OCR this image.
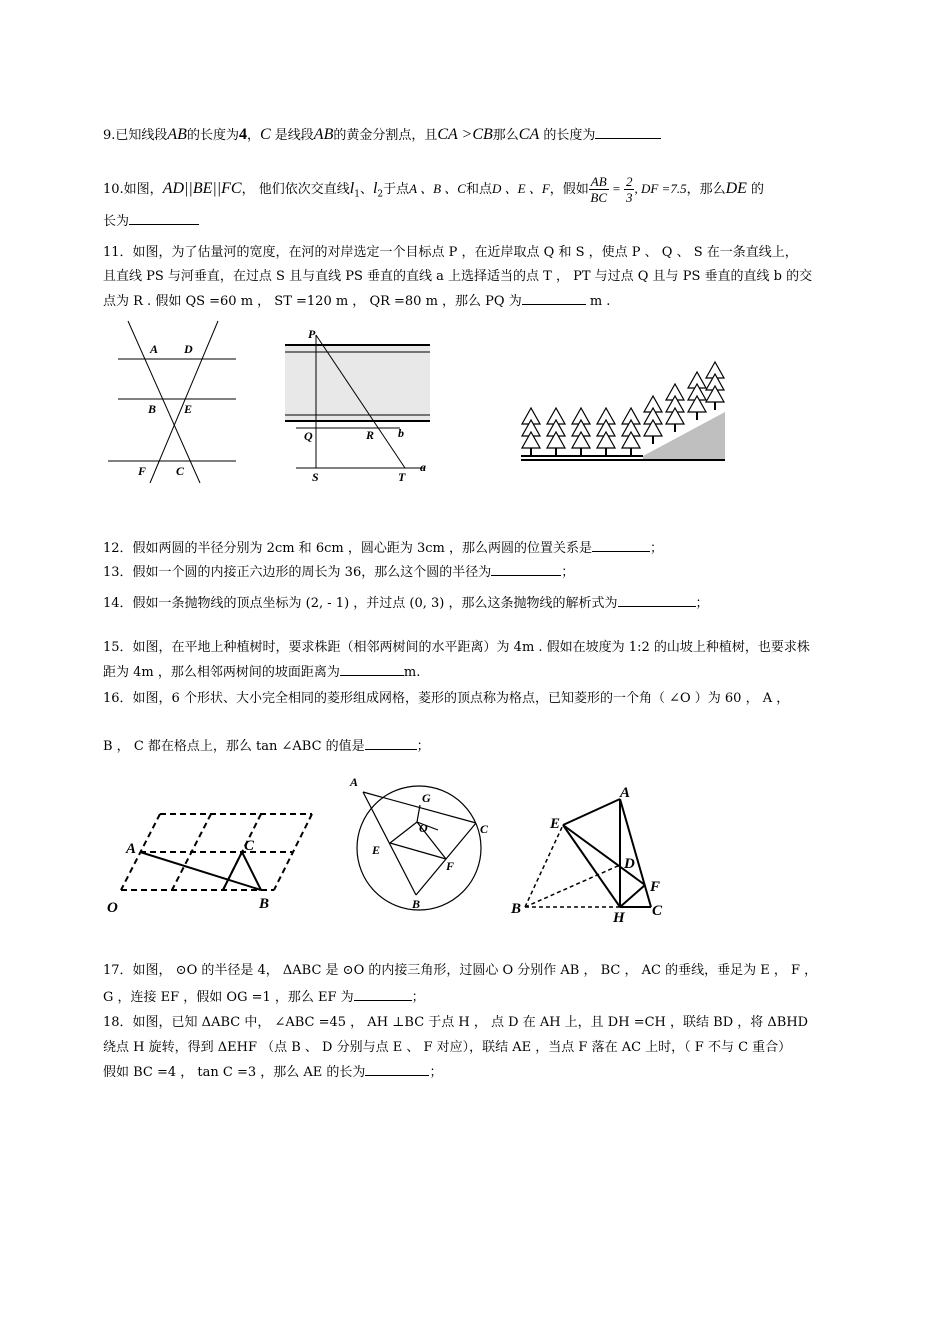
9.已知线段AB的长度为4，C 是线段AB的黄金分割点，且CA >CB那么CA 的长度为
10.如图，AD||BE||FC， 他们依次交直线$l_1$、$l_2$于点A 、B 、C和点D 、E 、F，假如 $\frac{AB}{BC} = \frac{2}{3}$ , DF =7.5，那么DE 的
长为
11．如图，为了估量河的宽度，在河的对岸选定一个目标点 P ，在近岸取点 Q 和 S ，使点 P 、 Q 、 S 在一条直线上，
且直线 PS 与河垂直，在过点 S 且与直线 PS 垂直的直线 a 上选择适当的点 T ， PT 与过点 Q 且与 PS 垂直的直线 b 的交
点为 R . 假如 QS =60 m ， ST =120 m ， QR =80 m ，那么 PQ 为	m .
A D
B E
F C
P
Q	R b
S	T
a
12．假如两圆的半径分别为 2cm 和 6cm ，圆心距为 3cm ，那么两圆的位置关系是	；
13．假如一个圆的内接正六边形的周长为 36，那么这个圆的半径为	；
14．假如一条抛物线的顶点坐标为 (2, - 1) ，并过点 (0, 3) ，那么这条抛物线的解析式为	；
15．如图，在平地上种植树时，要求株距（相邻两树间的水平距离）为 4m . 假如在坡度为 1:2 的山坡上种植树，也要求株
距为 4m ，那么相邻两树间的坡面距离为	m.
16．如图，6 个形状、大小完全相同的菱形组成网格，菱形的顶点称为格点，已知菱形的一个角（ ∠O ）为 60 ， A ，
B ， C 都在格点上，那么 tan ∠ABC 的值是	；
A	C
O	B
A
G
O	C
E
F
B
A
E
D
F
B
H C
17．如图， ⊙O 的半径是 4， ΔABC 是 ⊙O 的内接三角形，过圆心 O 分别作 AB ， BC ， AC 的垂线，垂足为 E ， F ，
G ，连接 EF ，假如 OG =1 ，那么 EF 为	；
18．如图，已知 ΔABC 中， ∠ABC =45 ， AH ⊥BC 于点 H ， 点 D 在 AH 上，且 DH =CH ，联结 BD ，将 ΔBHD
绕点 H 旋转，得到 ΔEHF （点 B 、 D 分别与点 E 、 F 对应），联结 AE ，当点 F 落在 AC 上时，（ F 不与 C 重合）
假如 BC =4 ， tan C =3 ，那么 AE 的长为	；
